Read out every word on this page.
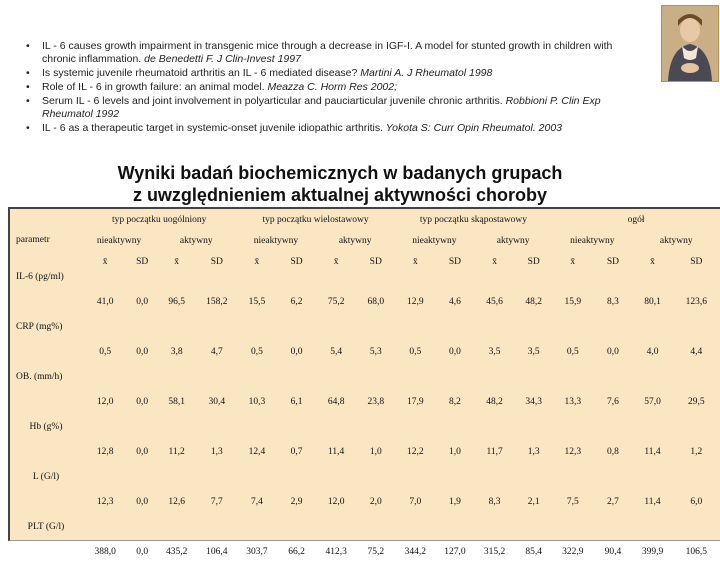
• IL - 6 causes growth impairment in transgenic mice through a decrease in IGF-I. A model for stunted growth in children with chronic inflammation. de Benedetti F. J Clin-Invest 1997
• Is systemic juvenile rheumatoid arthritis an IL - 6 mediated disease? Martini A. J Rheumatol 1998
• Role of IL - 6 in growth failure: an animal model. Meazza C. Horm Res 2002;
• Serum IL - 6 levels and joint involvement in polyarticular and pauciarticular juvenile chronic arthritis. Robbioni P. Clin Exp Rheumatol 1992
• IL - 6 as a therapeutic target in systemic-onset juvenile idiopathic arthritis. Yokota S: Curr Opin Rheumatol. 2003
Wyniki badań biochemicznych w badanych grupach
z uwzględnieniem aktualnej aktywności choroby
	typ początku uogólniony				typ początku wielostawowy				typ początku skąpostawowy				ogół			
parametr	nieaktywny		aktywny		nieaktywny		aktywny		nieaktywny		aktywny		nieaktywny		aktywny	
	x̄	SD	x̄	SD	x̄	SD	x̄	SD	x̄	SD	x̄	SD	x̄	SD	x̄	SD
IL-6 (pg/ml)	41,0	0,0	96,5	158,2	15,5	6,2	75,2	68,0	12,9	4,6	45,6	48,2	15,9	8,3	80,1	123,6
CRP (mg%)	0,5	0,0	3,8	4,7	0,5	0,0	5,4	5,3	0,5	0,0	3,5	3,5	0,5	0,0	4,0	4,4
OB. (mm/h)	12,0	0,0	58,1	30,4	10,3	6,1	64,8	23,8	17,9	8,2	48,2	34,3	13,3	7,6	57,0	29,5
Hb (g%)	12,8	0,0	11,2	1,3	12,4	0,7	11,4	1,0	12,2	1,0	11,7	1,3	12,3	0,8	11,4	1,2
L (G/l)	12,3	0,0	12,6	7,7	7,4	2,9	12,0	2,0	7,0	1,9	8,3	2,1	7,5	2,7	11,4	6,0
PLT (G/l)	388,0	0,0	435,2	106,4	303,7	66,2	412,3	75,2	344,2	127,0	315,2	85,4	322,9	90,4	399,9	106,5
